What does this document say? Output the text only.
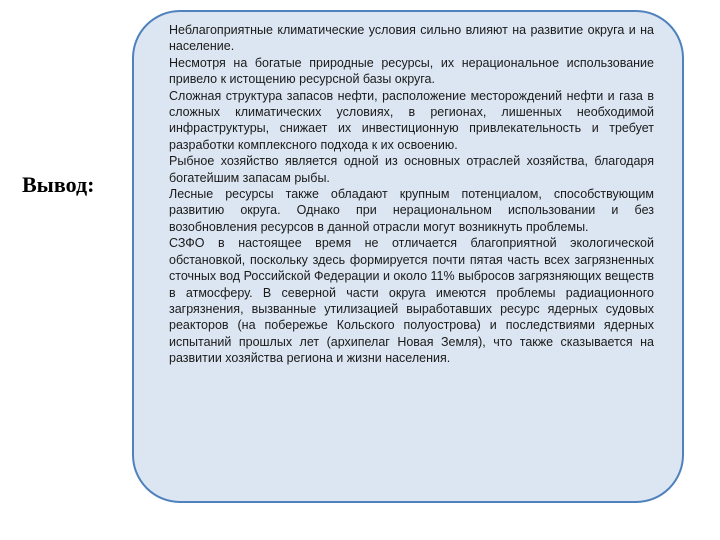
Вывод:

Неблагоприятные климатические условия сильно влияют на развитие округа и на население.

Несмотря на богатые природные ресурсы, их нерациональное использование привело к истощению ресурсной базы округа.

Сложная структура запасов нефти, расположение месторождений нефти и газа в сложных климатических условиях, в регионах, лишенных необходимой инфраструктуры, снижает их инвестиционную привлекательность и требует разработки комплексного подхода к их освоению.

Рыбное хозяйство является одной из основных отраслей хозяйства, благодаря богатейшим запасам рыбы.

Лесные ресурсы также обладают крупным потенциалом, способствующим развитию округа. Однако при нерациональном использовании и без возобновления ресурсов в данной отрасли могут возникнуть проблемы.

СЗФО в настоящее время не отличается благоприятной экологической обстановкой, поскольку здесь формируется почти пятая часть всех загрязненных сточных вод Российской Федерации и около 11% выбросов загрязняющих веществ в атмосферу. В северной части округа имеются проблемы радиационного загрязнения, вызванные утилизацией выработавших ресурс ядерных судовых реакторов (на побережье Кольского полуострова) и последствиями ядерных испытаний прошлых лет (архипелаг Новая Земля), что также сказывается на развитии хозяйства региона и жизни населения.
